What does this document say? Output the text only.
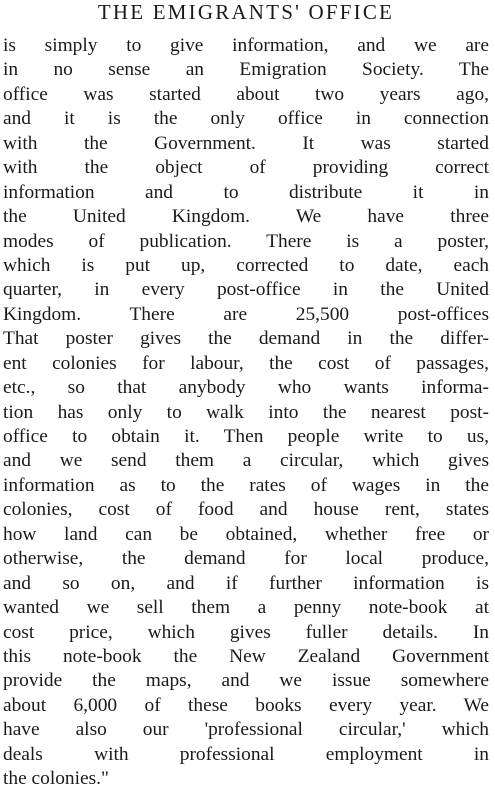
THE EMIGRANTS' OFFICE
is simply to give information, and we are
in no sense an Emigration Society. The
office was started about two years ago,
and it is the only office in connection
with the Government. It was started
with the object of providing correct
information and to distribute it in
the United Kingdom. We have three
modes of publication. There is a poster,
which is put up, corrected to date, each
quarter, in every post-office in the United
Kingdom. There are 25,500 post-offices
That poster gives the demand in the differ-
ent colonies for labour, the cost of passages,
etc., so that anybody who wants informa-
tion has only to walk into the nearest post-
office to obtain it. Then people write to us,
and we send them a circular, which gives
information as to the rates of wages in the
colonies, cost of food and house rent, states
how land can be obtained, whether free or
otherwise, the demand for local produce,
and so on, and if further information is
wanted we sell them a penny note-book at
cost price, which gives fuller details. In
this note-book the New Zealand Government
provide the maps, and we issue somewhere
about 6,000 of these books every year. We
have also our 'professional circular,' which
deals with professional employment in
the colonies."
